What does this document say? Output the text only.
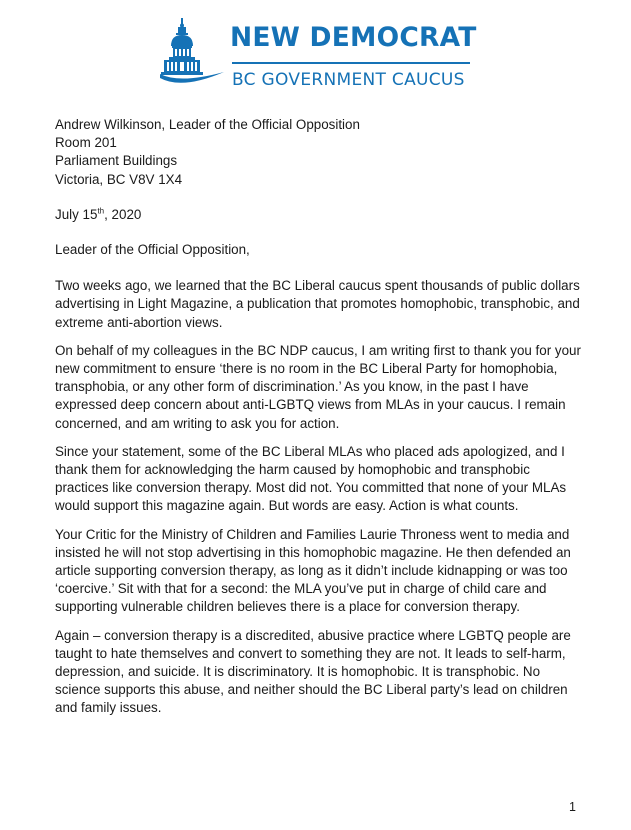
NEW DEMOCRAT
BC GOVERNMENT CAUCUS
Andrew Wilkinson, Leader of the Official Opposition
Room 201
Parliament Buildings
Victoria, BC V8V 1X4
July 15th, 2020
Leader of the Official Opposition,

Two weeks ago, we learned that the BC Liberal caucus spent thousands of public dollars advertising in Light Magazine, a publication that promotes homophobic, transphobic, and extreme anti-abortion views.

On behalf of my colleagues in the BC NDP caucus, I am writing first to thank you for your new commitment to ensure ‘there is no room in the BC Liberal Party for homophobia, transphobia, or any other form of discrimination.’ As you know, in the past I have expressed deep concern about anti-LGBTQ views from MLAs in your caucus. I remain concerned, and am writing to ask you for action.

Since your statement, some of the BC Liberal MLAs who placed ads apologized, and I thank them for acknowledging the harm caused by homophobic and transphobic practices like conversion therapy. Most did not. You committed that none of your MLAs would support this magazine again. But words are easy. Action is what counts.

Your Critic for the Ministry of Children and Families Laurie Throness went to media and insisted he will not stop advertising in this homophobic magazine. He then defended an article supporting conversion therapy, as long as it didn’t include kidnapping or was too ‘coercive.’ Sit with that for a second: the MLA you’ve put in charge of child care and supporting vulnerable children believes there is a place for conversion therapy.

Again – conversion therapy is a discredited, abusive practice where LGBTQ people are taught to hate themselves and convert to something they are not. It leads to self-harm, depression, and suicide. It is discriminatory. It is homophobic. It is transphobic. No science supports this abuse, and neither should the BC Liberal party’s lead on children and family issues.

1
